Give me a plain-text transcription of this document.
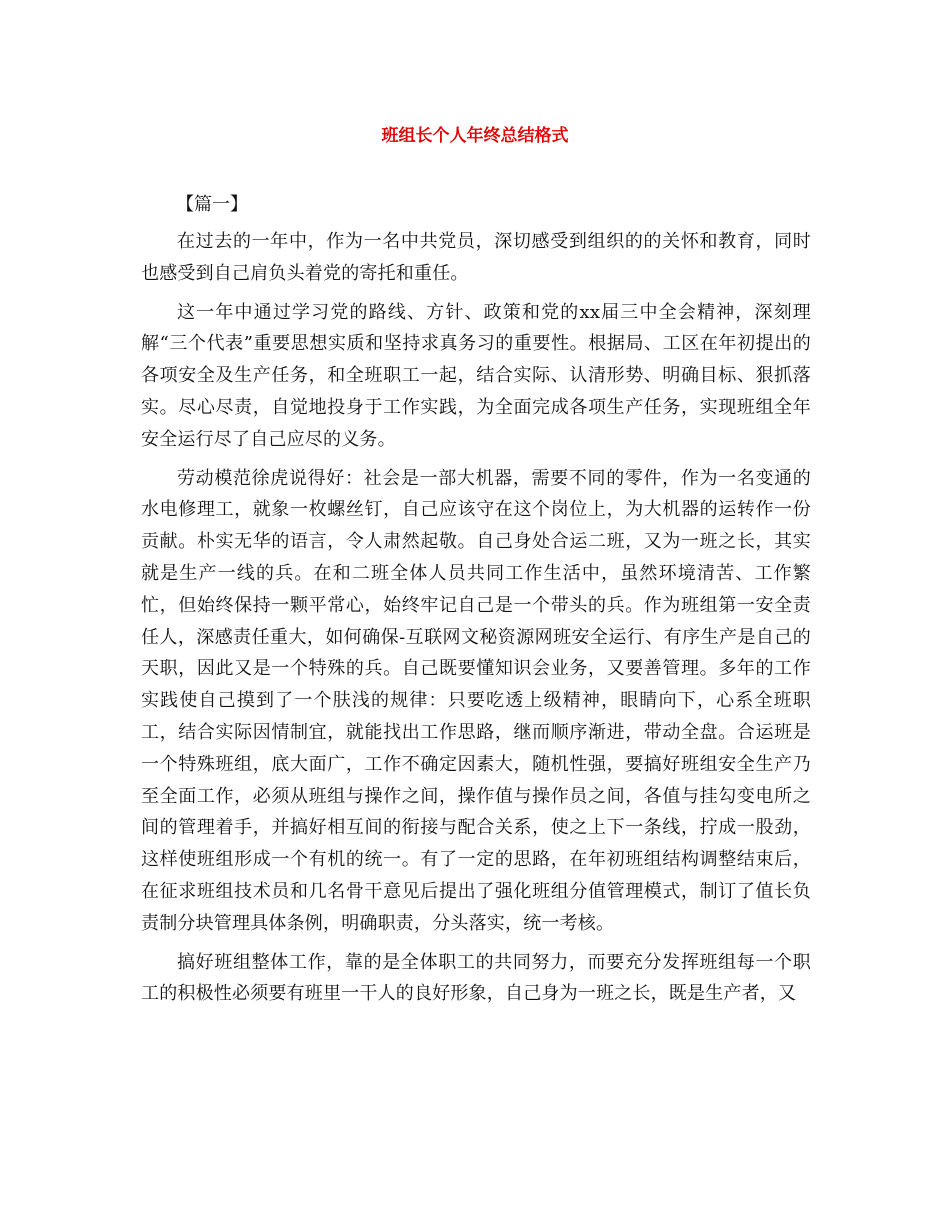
班组长个人年终总结格式
【篇一】

在过去的一年中，作为一名中共党员，深切感受到组织的的关怀和教育，同时也感受到自己肩负头着党的寄托和重任。

这一年中通过学习党的路线、方针、政策和党的xx届三中全会精神，深刻理解“三个代表”重要思想实质和坚持求真务习的重要性。根据局、工区在年初提出的各项安全及生产任务，和全班职工一起，结合实际、认清形势、明确目标、狠抓落实。尽心尽责，自觉地投身于工作实践，为全面完成各项生产任务，实现班组全年安全运行尽了自己应尽的义务。

劳动模范徐虎说得好：社会是一部大机器，需要不同的零件，作为一名变通的水电修理工，就象一枚螺丝钉，自己应该守在这个岗位上，为大机器的运转作一份贡献。朴实无华的语言，令人肃然起敬。自己身处合运二班，又为一班之长，其实就是生产一线的兵。在和二班全体人员共同工作生活中，虽然环境清苦、工作繁忙，但始终保持一颗平常心，始终牢记自己是一个带头的兵。作为班组第一安全责任人，深感责任重大，如何确保-互联网文秘资源网班安全运行、有序生产是自己的天职，因此又是一个特殊的兵。自己既要懂知识会业务，又要善管理。多年的工作实践使自己摸到了一个肤浅的规律：只要吃透上级精神，眼睛向下，心系全班职工，结合实际因情制宜，就能找出工作思路，继而顺序渐进，带动全盘。合运班是一个特殊班组，底大面广，工作不确定因素大，随机性强，要搞好班组安全生产乃至全面工作，必须从班组与操作之间，操作值与操作员之间，各值与挂勾变电所之间的管理着手，并搞好相互间的衔接与配合关系，使之上下一条线，拧成一股劲，这样使班组形成一个有机的统一。有了一定的思路，在年初班组结构调整结束后，在征求班组技术员和几名骨干意见后提出了强化班组分值管理模式，制订了值长负责制分块管理具体条例，明确职责，分头落实，统一考核。

搞好班组整体工作，靠的是全体职工的共同努力，而要充分发挥班组每一个职工的积极性必须要有班里一干人的良好形象，自己身为一班之长，既是生产者，又
